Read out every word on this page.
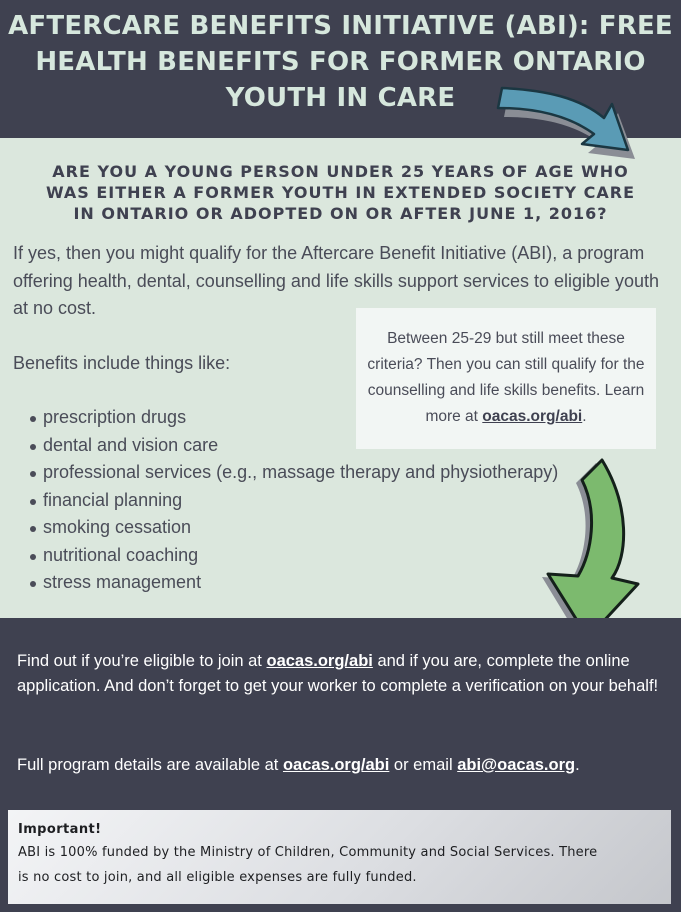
AFTERCARE BENEFITS INITIATIVE (ABI): FREE
HEALTH BENEFITS FOR FORMER ONTARIO
YOUTH IN CARE
ARE YOU A YOUNG PERSON UNDER 25 YEARS OF AGE WHO
WAS EITHER A FORMER YOUTH IN EXTENDED SOCIETY CARE
IN ONTARIO OR ADOPTED ON OR AFTER JUNE 1, 2016?

If yes, then you might qualify for the Aftercare Benefit Initiative (ABI), a program offering health, dental, counselling and life skills support services to eligible youth at no cost.

Benefits include things like:

prescription drugs
dental and vision care
professional services (e.g., massage therapy and physiotherapy)
financial planning
smoking cessation
nutritional coaching
stress management
Between 25-29 but still meet these criteria? Then you can still qualify for the counselling and life skills benefits. Learn more at oacas.org/abi.

Find out if you’re eligible to join at oacas.org/abi and if you are, complete the online application. And don’t forget to get your worker to complete a verification on your behalf!

Full program details are available at oacas.org/abi or email abi@oacas.org.

Important!
ABI is 100% funded by the Ministry of Children, Community and Social Services. There
is no cost to join, and all eligible expenses are fully funded.
